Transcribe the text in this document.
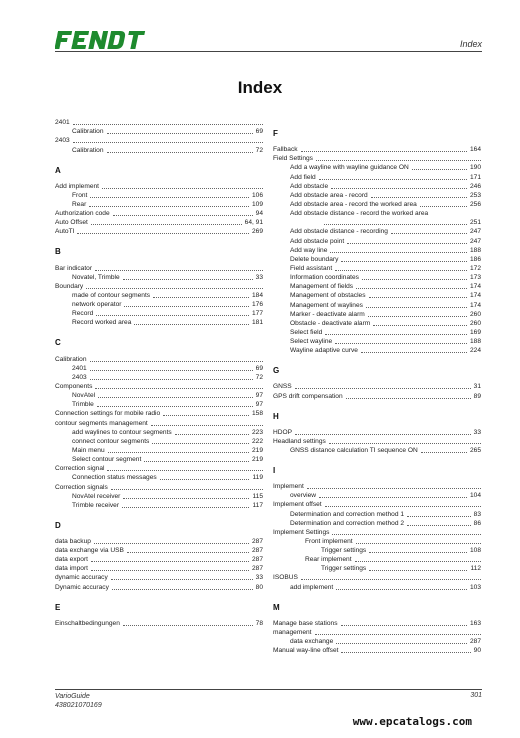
Index
Index
2401
Calibration	69
2403
Calibration	72
A
Add implement
Front	106
Rear	109
Authorization code	94
Auto Offset	64, 91
AutoTI	269
B
Bar indicator
Novatel, Trimble	33
Boundary
made of contour segments	184
network operator	176
Record	177
Record worked area	181
C
Calibration
2401	69
2403	72
Components
NovAtel	97
Trimble	97
Connection settings for mobile radio	158
contour segments management
add waylines to contour segments	223
connect contour segments	222
Main menu	219
Select contour segment	219
Correction signal
Connection status messages	119
Correction signals
NovAtel receiver	115
Trimble receiver	117
D
data backup	287
data exchange via USB	287
data export	287
data import	287
dynamic accuracy	33
Dynamic accuracy	80
E
Einschaltbedingungen	78
F
Fallback	164
Field Settings
Add a wayline with wayline guidance ON	190
Add field	171
Add obstacle	246
Add obstacle area - record	253
Add obstacle area - record the worked area	256
Add obstacle distance - record the worked area
251
Add obstacle distance - recording	247
Add obstacle point	247
Add way line	188
Delete boundary	186
Field assistant	172
Information coordinates	173
Management of fields	174
Management of obstacles	174
Management of waylines	174
Marker - deactivate alarm	260
Obstacle - deactivate alarm	260
Select field	169
Select wayline	188
Wayline adaptive curve	224
G
GNSS	31
GPS drift compensation	89
H
HDOP	33
Headland settings
GNSS distance calculation TI sequence ON	265
I
Implement
overview	104
Implement offset
Determination and correction method 1	83
Determination and correction method 2	86
Implement Settings
Front implement
Trigger settings	108
Rear implement
Trigger settings	112
ISOBUS
add implement	103
M
Manage base stations	163
management
data exchange	287
Manual way-line offset	90
VarioGuide
438021070169
301
www.epcatalogs.com
